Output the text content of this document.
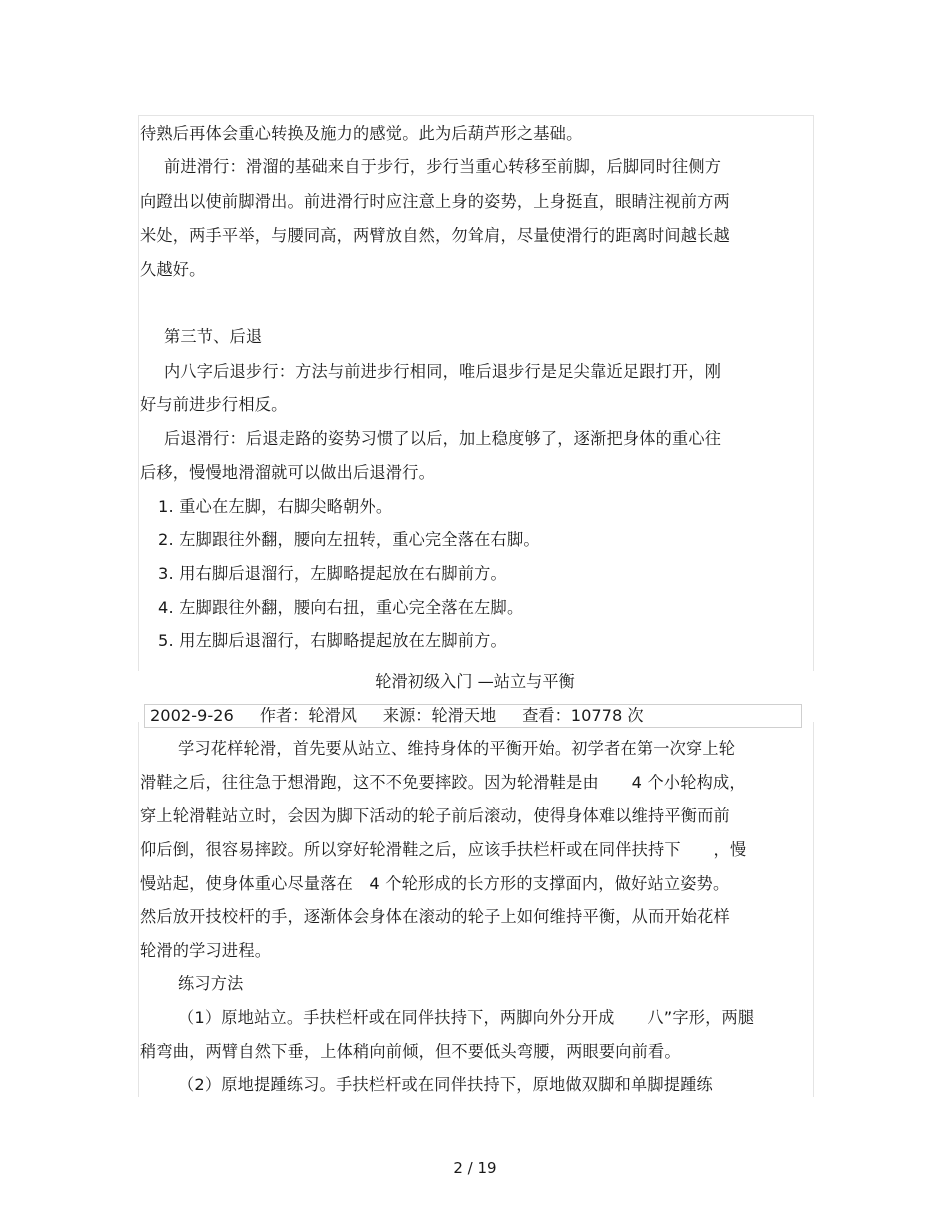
待熟后再体会重心转换及施力的感觉。此为后葫芦形之基础。
前进滑行：滑溜的基础来自于步行，步行当重心转移至前脚，后脚同时往侧方
向蹬出以使前脚滑出。前进滑行时应注意上身的姿势，上身挺直，眼睛注视前方两
米处，两手平举，与腰同高，两臂放自然，勿耸肩，尽量使滑行的距离时间越长越
久越好。
第三节、后退
内八字后退步行：方法与前进步行相同，唯后退步行是足尖靠近足跟打开，刚
好与前进步行相反。
后退滑行：后退走路的姿势习惯了以后，加上稳度够了，逐渐把身体的重心往
后移，慢慢地滑溜就可以做出后退滑行。
1. 重心在左脚，右脚尖略朝外。
2. 左脚跟往外翻，腰向左扭转，重心完全落在右脚。
3. 用右脚后退溜行，左脚略提起放在右脚前方。
4. 左脚跟往外翻，腰向右扭，重心完全落在左脚。
5. 用左脚后退溜行，右脚略提起放在左脚前方。
轮滑初级入门 —站立与平衡
2002-9-26 作者：轮滑风 来源：轮滑天地 查看：10778 次
学习花样轮滑，首先要从站立、维持身体的平衡开始。初学者在第一次穿上轮
滑鞋之后，往往急于想滑跑，这不不免要摔跤。因为轮滑鞋是由　　4 个小轮构成，
穿上轮滑鞋站立时，会因为脚下活动的轮子前后滚动，使得身体难以维持平衡而前
仰后倒，很容易摔跤。所以穿好轮滑鞋之后，应该手扶栏杆或在同伴扶持下　　，慢
慢站起，使身体重心尽量落在　4 个轮形成的长方形的支撑面内，做好站立姿势。
然后放开技校杆的手，逐渐体会身体在滚动的轮子上如何维持平衡，从而开始花样
轮滑的学习进程。
练习方法
（1）原地站立。手扶栏杆或在同伴扶持下，两脚向外分开成　　八”字形，两腿
稍弯曲，两臂自然下垂，上体稍向前倾，但不要低头弯腰，两眼要向前看。
（2）原地提踵练习。手扶栏杆或在同伴扶持下，原地做双脚和单脚提踵练
2 / 19
